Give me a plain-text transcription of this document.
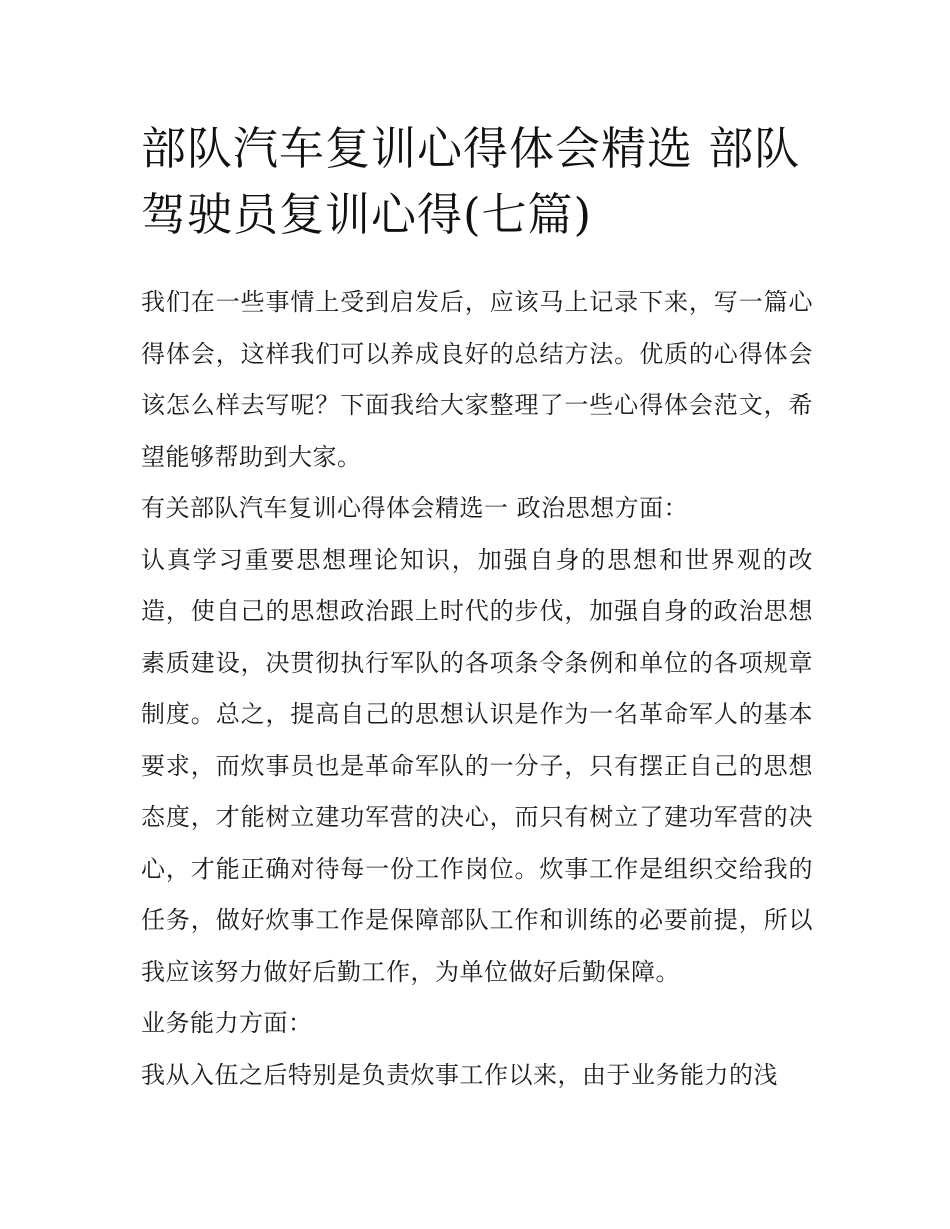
部队汽车复训心得体会精选 部队驾驶员复训心得(七篇)

我们在一些事情上受到启发后，应该马上记录下来，写一篇心得体会，这样我们可以养成良好的总结方法。优质的心得体会该怎么样去写呢？下面我给大家整理了一些心得体会范文，希望能够帮助到大家。

有关部队汽车复训心得体会精选一 政治思想方面：

认真学习重要思想理论知识，加强自身的思想和世界观的改造，使自己的思想政治跟上时代的步伐，加强自身的政治思想素质建设，决贯彻执行军队的各项条令条例和单位的各项规章制度。总之，提高自己的思想认识是作为一名革命军人的基本要求，而炊事员也是革命军队的一分子，只有摆正自己的思想态度，才能树立建功军营的决心，而只有树立了建功军营的决心，才能正确对待每一份工作岗位。炊事工作是组织交给我的任务，做好炊事工作是保障部队工作和训练的必要前提，所以我应该努力做好后勤工作，为单位做好后勤保障。

业务能力方面：

我从入伍之后特别是负责炊事工作以来，由于业务能力的浅
